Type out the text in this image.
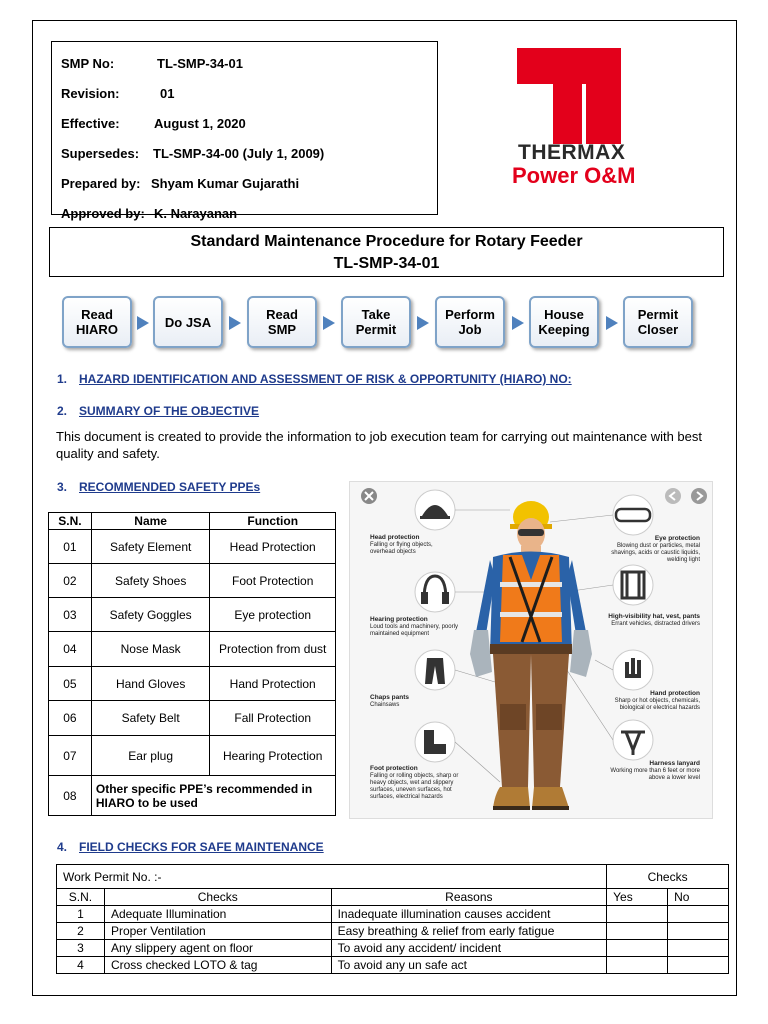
SMP No:	TL-SMP-34-01
Revision:	01
Effective:	August 1, 2020
Supersedes:	TL-SMP-34-00 (July 1, 2009)
Prepared by: Shyam Kumar Gujarathi
Approved by: K. Narayanan
THERMAX
Power O&M
Standard Maintenance Procedure for Rotary Feeder
TL-SMP-34-01
Read HIARO	Do JSA	Read SMP
Take Permit
Perform Job
House Keeping
Permit Closer
1. HAZARD IDENTIFICATION AND ASSESSMENT OF RISK & OPPORTUNITY (HIARO) NO:
2. SUMMARY OF THE OBJECTIVE
This document is created to provide the information to job execution team for carrying out maintenance with best quality and safety.
3. RECOMMENDED SAFETY PPEs
S.N.	Name	Function
01	Safety Element	Head Protection
02	Safety Shoes	Foot Protection
03	Safety Goggles	Eye protection
04	Nose Mask	Protection from dust
05	Hand Gloves	Hand Protection
06	Safety Belt	Fall Protection
07	Ear plug	Hearing Protection
08	Other specific PPE’s recommended in HIARO to be used	
Head protection
Falling or flying objects, overhead objects
Hearing protection
Loud tools and machinery, poorly maintained equipment
Chaps pants
Chainsaws
Foot protection
Falling or rolling objects, sharp or heavy objects, wet and slippery surfaces, uneven surfaces, hot surfaces, electrical hazards
Eye protection
Blowing dust or particles, metal shavings, acids or caustic liquids, welding light
High-visibility hat, vest, pants
Errant vehicles, distracted drivers
Hand protection
Sharp or hot objects, chemicals, biological or electrical hazards
Harness lanyard
Working more than 6 feet or more above a lower level
4. FIELD CHECKS FOR SAFE MAINTENANCE
Work Permit No. :-			Checks	
S.N.	Checks	Reasons	Yes	No
1	Adequate Illumination	Inadequate illumination causes accident		
2	Proper Ventilation	Easy breathing & relief from early fatigue		
3	Any slippery agent on floor	To avoid any accident/ incident		
4	Cross checked LOTO & tag	To avoid any un safe act		
